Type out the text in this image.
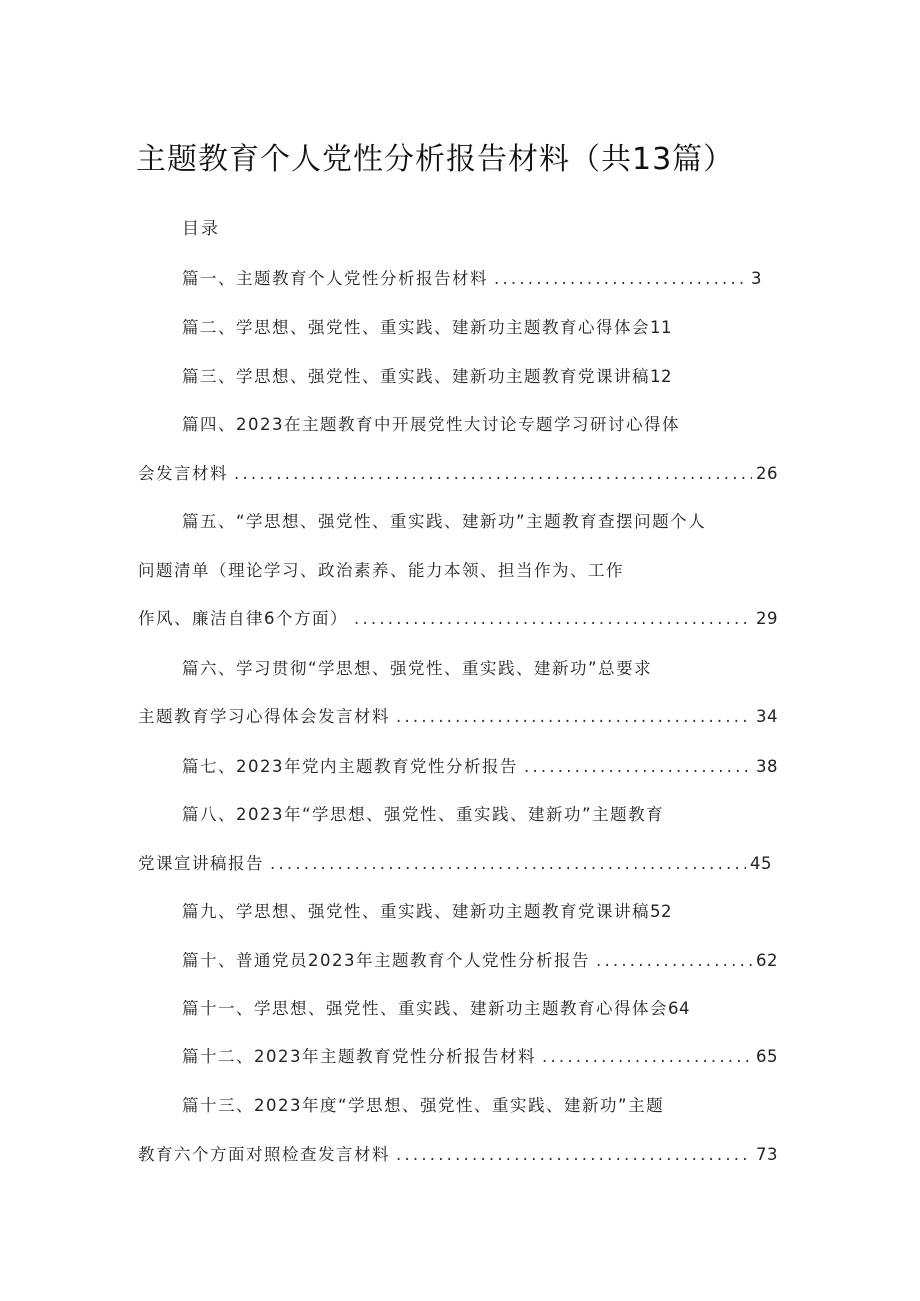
主题教育个人党性分析报告材料（共13篇）
目录
篇一、主题教育个人党性分析报告材料 .....	3
篇二、学思想、强党性、重实践、建新功主题教育心得体会 11
篇三、学思想、强党性、重实践、建新功主题教育党课讲稿 12
篇四、2023在主题教育中开展党性大讨论专题学习研讨心得体
会发言材料 .....	26
篇五、“学思想、强党性、重实践、建新功”主题教育查摆问题个人
问题清单（理论学习、政治素养、能力本领、担当作为、工作
作风、廉洁自律6个方面） .....	29
篇六、学习贯彻“学思想、强党性、重实践、建新功”总要求
主题教育学习心得体会发言材料 .....	34
篇七、2023年党内主题教育党性分析报告 .....	38
篇八、2023年“学思想、强党性、重实践、建新功”主题教育
党课宣讲稿报告 .....	45
篇九、学思想、强党性、重实践、建新功主题教育党课讲稿 52
篇十、普通党员2023年主题教育个人党性分析报告 .....	62
篇十一、学思想、强党性、重实践、建新功主题教育心得体会 64
篇十二、2023年主题教育党性分析报告材料 .....	65
篇十三、2023年度“学思想、强党性、重实践、建新功”主题
教育六个方面对照检查发言材料 .....	73
